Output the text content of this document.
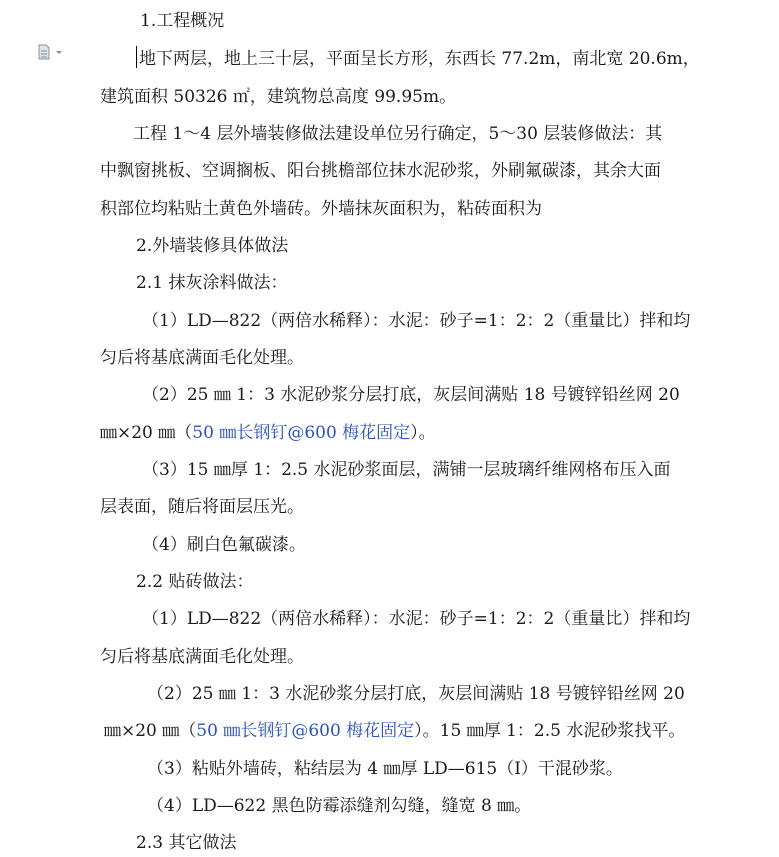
1.工程概况
地下两层，地上三十层，平面呈长方形，东西长 77.2m，南北宽 20.6m，
建筑面积 50326 ㎡，建筑物总高度 99.95m。
工程 1～4 层外墙装修做法建设单位另行确定，5～30 层装修做法：其
中飘窗挑板、空调搁板、阳台挑檐部位抹水泥砂浆，外刷氟碳漆，其余大面
积部位均粘贴土黄色外墙砖。外墙抹灰面积为，粘砖面积为
2.外墙装修具体做法
2.1 抹灰涂料做法：
（1）LD—822（两倍水稀释）：水泥：砂子=1：2：2（重量比）拌和均
匀后将基底满面毛化处理。
（2）25 ㎜ 1：3 水泥砂浆分层打底，灰层间满贴 18 号镀锌铅丝网 20
㎜×20 ㎜（50 ㎜长钢钉@600 梅花固定）。
（3）15 ㎜厚 1：2.5 水泥砂浆面层，满铺一层玻璃纤维网格布压入面
层表面，随后将面层压光。
（4）刷白色氟碳漆。
2.2 贴砖做法：
（1）LD—822（两倍水稀释）：水泥：砂子=1：2：2（重量比）拌和均
匀后将基底满面毛化处理。
（2）25 ㎜ 1：3 水泥砂浆分层打底，灰层间满贴 18 号镀锌铅丝网 20
㎜×20 ㎜（50 ㎜长钢钉@600 梅花固定）。15 ㎜厚 1：2.5 水泥砂浆找平。
（3）粘贴外墙砖，粘结层为 4 ㎜厚 LD—615（I）干混砂浆。
（4）LD—622 黑色防霉添缝剂勾缝，缝宽 8 ㎜。
2.3 其它做法
